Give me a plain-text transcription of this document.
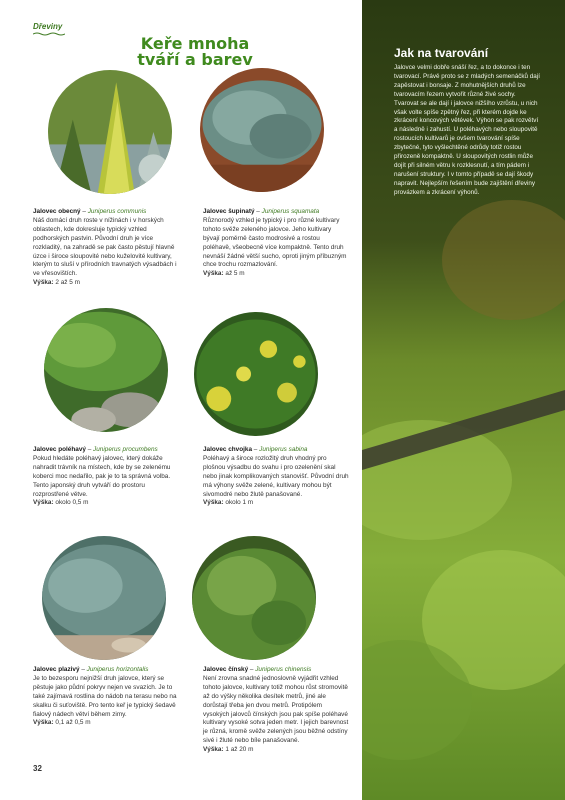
Dřeviny
Keře mnoha
tváří a barev
Jalovec obecný – Juniperus communis
Náš domácí druh roste v nížinách i v horských oblastech, kde dokresluje typický vzhled podhorských pastvin. Původní druh je více rozkladitý, na zahradě se pak často pěstují hlavně úzce i široce sloupovité nebo kuželovité kultivary, kterým to sluší v přírodních travnatých výsadbách i ve vřesovištích.
Výška: 2 až 5 m
Jalovec šupinatý – Juniperus squamata
Různorodý vzhled je typický i pro různé kultivary tohoto svěže zeleného jalovce. Jeho kultivary bývají poměrně často modrosivé a rostou poléhavě, všeobecně více kompaktně. Tento druh nevnáší žádné větší sucho, oproti jiným příbuzným chce trochu rozmazlování.
Výška: až 5 m
Jalovec poléhavý – Juniperus procumbens
Pokud hledáte poléhavý jalovec, který dokáže nahradit trávník na místech, kde by se zelenému koberci moc nedařilo, pak je to ta správná volba. Tento japonský druh vytváří do prostoru rozprostřené větve.
Výška: okolo 0,5 m
Jalovec chvojka – Juniperus sabina
Poléhavý a široce rozložitý druh vhodný pro plošnou výsadbu do svahu i pro ozelenění skal nebo jinak komplikovaných stanovišť. Původní druh má výhony svěže zelené, kultivary mohou být sivomodré nebo žlutě panašované.
Výška: okolo 1 m
Jalovec plazivý – Juniperus horizontalis
Je to bezesporu nejnižší druh jalovce, který se pěstuje jako půdní pokryv nejen ve svazích. Je to také zajímavá rostlina do nádob na terasu nebo na skalku či suťoviště. Pro tento keř je typický šedavě fialový nádech větví během zimy.
Výška: 0,1 až 0,5 m
Jalovec čínský – Juniperus chinensis
Není zrovna snadné jednoslovně vyjádřit vzhled tohoto jalovce, kultivary totiž mohou růst stromovitě až do výšky několika desítek metrů, jiné ale dorůstají třeba jen dvou metrů. Protipólem vysokých jalovců čínských jsou pak spíše poléhavé kultivary vysoké sotva jeden metr. I jejich barevnost je různá, kromě svěže zelených jsou běžné odstíny sivé i žluté nebo bíle panašované.
Výška: 1 až 20 m
32
Jak na tvarování
Jalovce velmi dobře snáší řez, a to dokonce i ten tvarovací. Právě proto se z mladých semenáčků dají zapěstovat i bonsaje. Z mohutnějších druhů lze tvarovacím řezem vytvořit různé živé sochy. Tvarovat se ale dají i jalovce nižšího vzrůstu, u nich však volte spíše zpětný řez, při kterém dojde ke zkrácení koncových větévek. Výhon se pak rozvětví a následně i zahustí. U poléhavých nebo sloupovitě rostoucích kultivarů je ovšem tvarování spíše zbytečné, tyto vyšlechtěné odrůdy totiž rostou přirozeně kompaktně. U sloupovitých rostlin může dojít při silném větru k rozklesnutí, a tím pádem i narušení struktury. I v tomto případě se dají škody napravit. Nejlepším řešením bude zajištění dřeviny provázkem a zkrácení výhonů.
